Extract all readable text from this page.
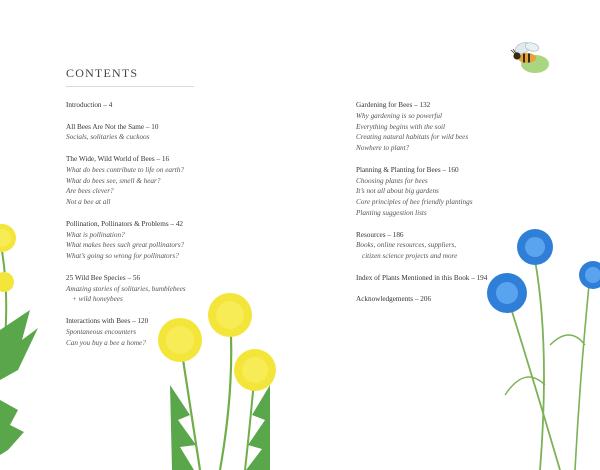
CONTENTS
Introduction – 4
All Bees Are Not the Same – 10
Socials, solitaries & cuckoos
The Wide, Wild World of Bees – 16
What do bees contribute to life on earth?
What do bees see, smell & hear?
Are bees clever?
Not a bee at all
Pollination, Pollinators & Problems – 42
What is pollination?
What makes bees such great pollinators?
What’s going so wrong for pollinators?
25 Wild Bee Species – 56
Amazing stories of solitaries, bumblebees
+ wild honeybees
Interactions with Bees – 120
Spontaneous encounters
Can you buy a bee a home?
Gardening for Bees – 132
Why gardening is so powerful
Everything begins with the soil
Creating natural habitats for wild bees
Nowhere to plant?
Planning & Planting for Bees – 160
Choosing plants for bees
It’s not all about big gardens
Core principles of bee friendly plantings
Planting suggestion lists
Resources – 186
Books, online resources, suppliers,
citizen science projects and more
Index of Plants Mentioned in this Book – 194
Acknowledgements – 206
